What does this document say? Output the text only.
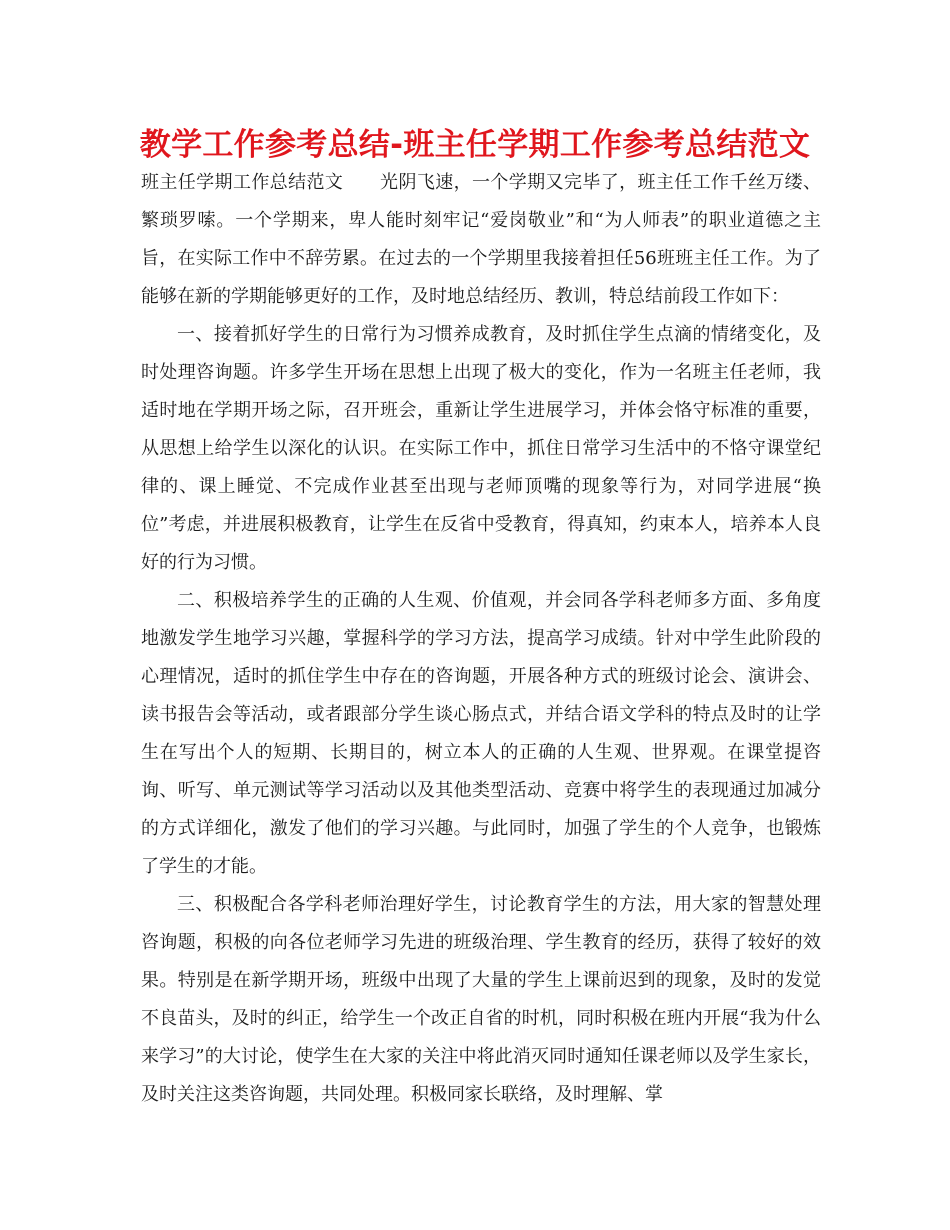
教学工作参考总结-班主任学期工作参考总结范文

班主任学期工作总结范文　　光阴飞速，一个学期又完毕了，班主任工作千丝万缕、繁琐罗嗦。一个学期来，卑人能时刻牢记“爱岗敬业”和“为人师表”的职业道德之主旨，在实际工作中不辞劳累。在过去的一个学期里我接着担任56班班主任工作。为了能够在新的学期能够更好的工作，及时地总结经历、教训，特总结前段工作如下：

一、接着抓好学生的日常行为习惯养成教育，及时抓住学生点滴的情绪变化，及时处理咨询题。许多学生开场在思想上出现了极大的变化，作为一名班主任老师，我适时地在学期开场之际，召开班会，重新让学生进展学习，并体会恪守标准的重要，从思想上给学生以深化的认识。在实际工作中，抓住日常学习生活中的不恪守课堂纪律的、课上睡觉、不完成作业甚至出现与老师顶嘴的现象等行为，对同学进展“换位”考虑，并进展积极教育，让学生在反省中受教育，得真知，约束本人，培养本人良好的行为习惯。

二、积极培养学生的正确的人生观、价值观，并会同各学科老师多方面、多角度地激发学生地学习兴趣，掌握科学的学习方法，提高学习成绩。针对中学生此阶段的心理情况，适时的抓住学生中存在的咨询题，开展各种方式的班级讨论会、演讲会、读书报告会等活动，或者跟部分学生谈心肠点式，并结合语文学科的特点及时的让学生在写出个人的短期、长期目的，树立本人的正确的人生观、世界观。在课堂提咨询、听写、单元测试等学习活动以及其他类型活动、竞赛中将学生的表现通过加减分的方式详细化，激发了他们的学习兴趣。与此同时，加强了学生的个人竞争，也锻炼了学生的才能。

三、积极配合各学科老师治理好学生，讨论教育学生的方法，用大家的智慧处理咨询题，积极的向各位老师学习先进的班级治理、学生教育的经历，获得了较好的效果。特别是在新学期开场，班级中出现了大量的学生上课前迟到的现象，及时的发觉不良苗头，及时的纠正，给学生一个改正自省的时机，同时积极在班内开展“我为什么来学习”的大讨论，使学生在大家的关注中将此消灭同时通知任课老师以及学生家长，及时关注这类咨询题，共同处理。积极同家长联络，及时理解、掌
